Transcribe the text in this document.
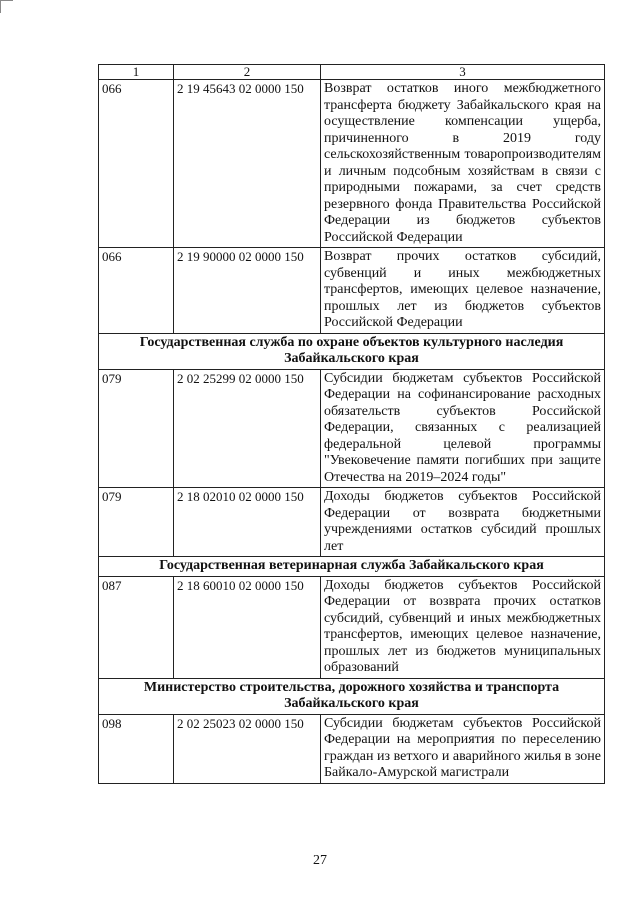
1	2	3
066	2 19 45643 02 0000 150	Возврат остатков иного межбюджетного трансферта бюджету Забайкальского края на осуществление компенсации ущерба, причиненного в 2019 году сельскохозяйственным товаропроизводителям и личным подсобным хозяйствам в связи с природными пожарами, за счет средств резервного фонда Правительства Российской Федерации из бюджетов субъектов Российской Федерации
066	2 19 90000 02 0000 150	Возврат прочих остатков субсидий, субвенций и иных межбюджетных трансфертов, имеющих целевое назначение, прошлых лет из бюджетов субъектов Российской Федерации
Государственная служба по охране объектов культурного наследия Забайкальского края		
079	2 02 25299 02 0000 150	Субсидии бюджетам субъектов Российской Федерации на софинансирование расходных обязательств субъектов Российской Федерации, связанных с реализацией федеральной целевой программы "Увековечение памяти погибших при защите Отечества на 2019–2024 годы"
079	2 18 02010 02 0000 150	Доходы бюджетов субъектов Российской Федерации от возврата бюджетными учреждениями остатков субсидий прошлых лет
Государственная ветеринарная служба Забайкальского края		
087	2 18 60010 02 0000 150	Доходы бюджетов субъектов Российской Федерации от возврата прочих остатков субсидий, субвенций и иных межбюджетных трансфертов, имеющих целевое назначение, прошлых лет из бюджетов муниципальных образований
Министерство строительства, дорожного хозяйства и транспорта Забайкальского края		
098	2 02 25023 02 0000 150	Субсидии бюджетам субъектов Российской Федерации на мероприятия по переселению граждан из ветхого и аварийного жилья в зоне Байкало-Амурской магистрали
27
